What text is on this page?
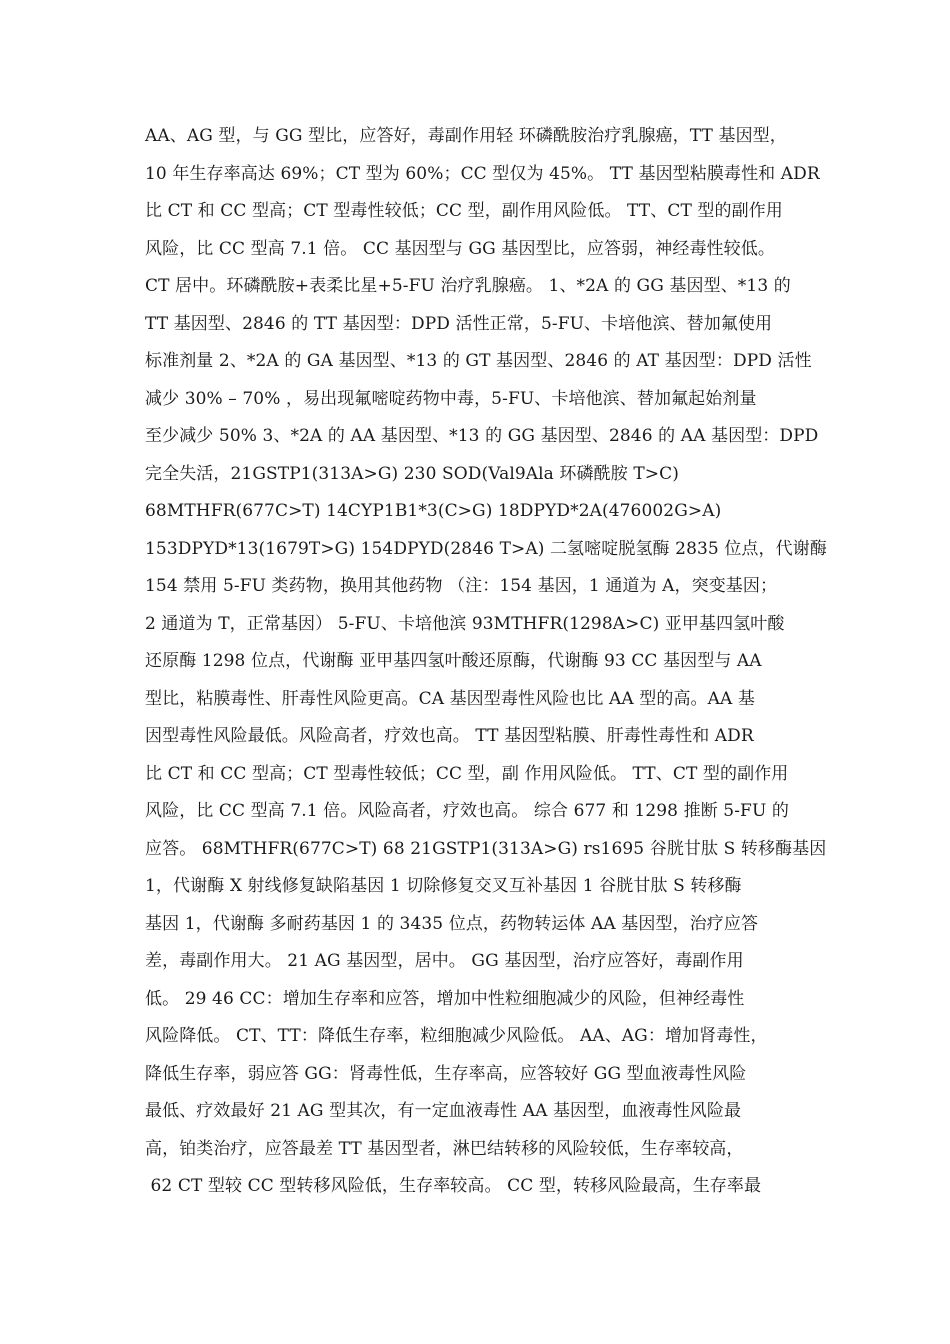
AA、AG 型，与 GG 型比，应答好，毒副作用轻 环磷酰胺治疗乳腺癌，TT 基因型，
10 年生存率高达 69%；CT 型为 60%；CC 型仅为 45%。 TT 基因型粘膜毒性和 ADR
比 CT 和 CC 型高；CT 型毒性较低；CC 型，副作用风险低。 TT、CT 型的副作用
风险，比 CC 型高 7.1 倍。 CC 基因型与 GG 基因型比，应答弱，神经毒性较低。
CT 居中。环磷酰胺+表柔比星+5-FU 治疗乳腺癌。 1、*2A 的 GG 基因型、*13 的
TT 基因型、2846 的 TT 基因型：DPD 活性正常，5-FU、卡培他滨、替加氟使用
标准剂量 2、*2A 的 GA 基因型、*13 的 GT 基因型、2846 的 AT 基因型：DPD 活性
减少 30% – 70% ，易出现氟嘧啶药物中毒，5-FU、卡培他滨、替加氟起始剂量
至少减少 50% 3、*2A 的 AA 基因型、*13 的 GG 基因型、2846 的 AA 基因型：DPD
完全失活，21GSTP1(313A>G) 230 SOD(Val9Ala 环磷酰胺 T>C)
68MTHFR(677C>T) 14CYP1B1*3(C>G) 18DPYD*2A(476002G>A)
153DPYD*13(1679T>G) 154DPYD(2846 T>A) 二氢嘧啶脱氢酶 2835 位点，代谢酶
154 禁用 5-FU 类药物，换用其他药物 （注：154 基因，1 通道为 A，突变基因；
2 通道为 T，正常基因） 5-FU、卡培他滨 93MTHFR(1298A>C) 亚甲基四氢叶酸
还原酶 1298 位点，代谢酶 亚甲基四氢叶酸还原酶，代谢酶 93 CC 基因型与 AA
型比，粘膜毒性、肝毒性风险更高。CA 基因型毒性风险也比 AA 型的高。AA 基
因型毒性风险最低。风险高者，疗效也高。 TT 基因型粘膜、肝毒性毒性和 ADR
比 CT 和 CC 型高；CT 型毒性较低；CC 型，副 作用风险低。 TT、CT 型的副作用
风险，比 CC 型高 7.1 倍。风险高者，疗效也高。 综合 677 和 1298 推断 5-FU 的
应答。 68MTHFR(677C>T) 68 21GSTP1(313A>G) rs1695 谷胱甘肽 S 转移酶基因
1，代谢酶 X 射线修复缺陷基因 1 切除修复交叉互补基因 1 谷胱甘肽 S 转移酶
基因 1，代谢酶 多耐药基因 1 的 3435 位点，药物转运体 AA 基因型，治疗应答
差，毒副作用大。 21 AG 基因型，居中。 GG 基因型，治疗应答好，毒副作用
低。 29 46 CC：增加生存率和应答，增加中性粒细胞减少的风险，但神经毒性
风险降低。 CT、TT：降低生存率，粒细胞减少风险低。 AA、AG：增加肾毒性，
降低生存率，弱应答 GG：肾毒性低，生存率高，应答较好 GG 型血液毒性风险
最低、疗效最好 21 AG 型其次，有一定血液毒性 AA 基因型，血液毒性风险最
高，铂类治疗，应答最差 TT 基因型者，淋巴结转移的风险较低，生存率较高，
62 CT 型较 CC 型转移风险低，生存率较高。 CC 型，转移风险最高，生存率最
